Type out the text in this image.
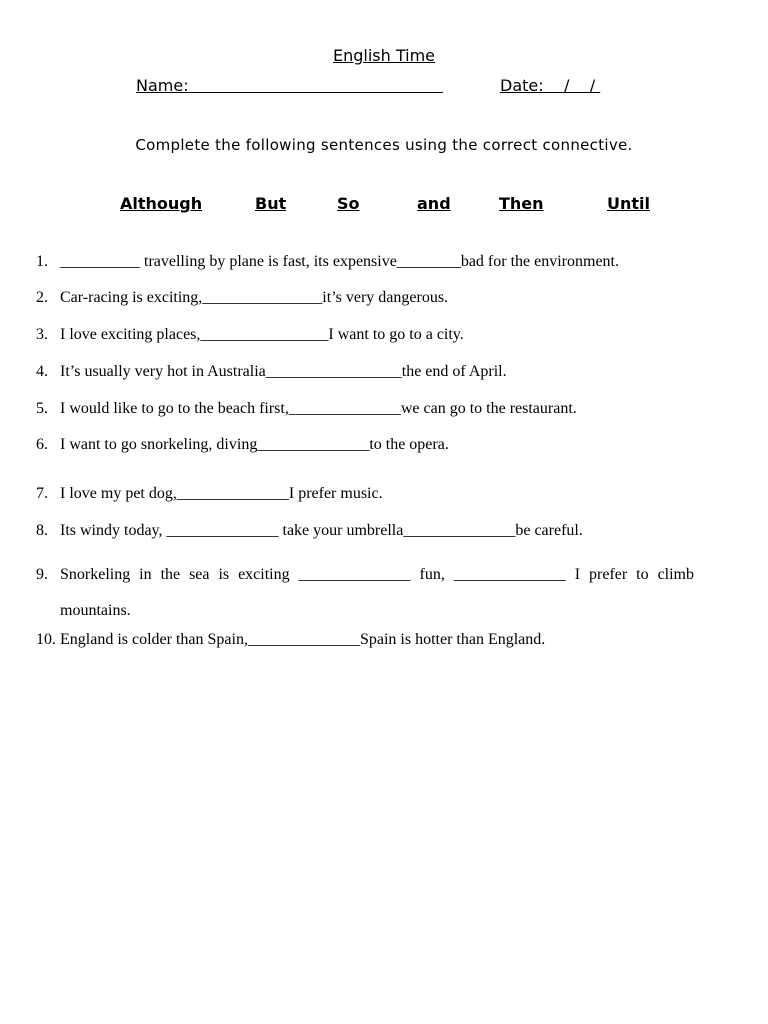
English Time
Name:	Date: /    /
Complete the following sentences using the correct connective.
Although	But	So	and	Then	Until
1. __________ travelling by plane is fast, its expensive________bad for the environment.
2. Car-racing is exciting,_______________it’s very dangerous.
3. I love exciting places,________________I want to go to a city.
4. It’s usually very hot in Australia_________________the end of April.
5. I would like to go to the beach first,______________we can go to the restaurant.
6. I want to go snorkeling, diving______________to the opera.
7. I love my pet dog,______________I prefer music.
8. Its windy today, ______________ take your umbrella______________be careful.
9. Snorkeling in the sea is exciting ______________ fun, ______________ I prefer to climb mountains.
10. England is colder than Spain,______________Spain is hotter than England.
